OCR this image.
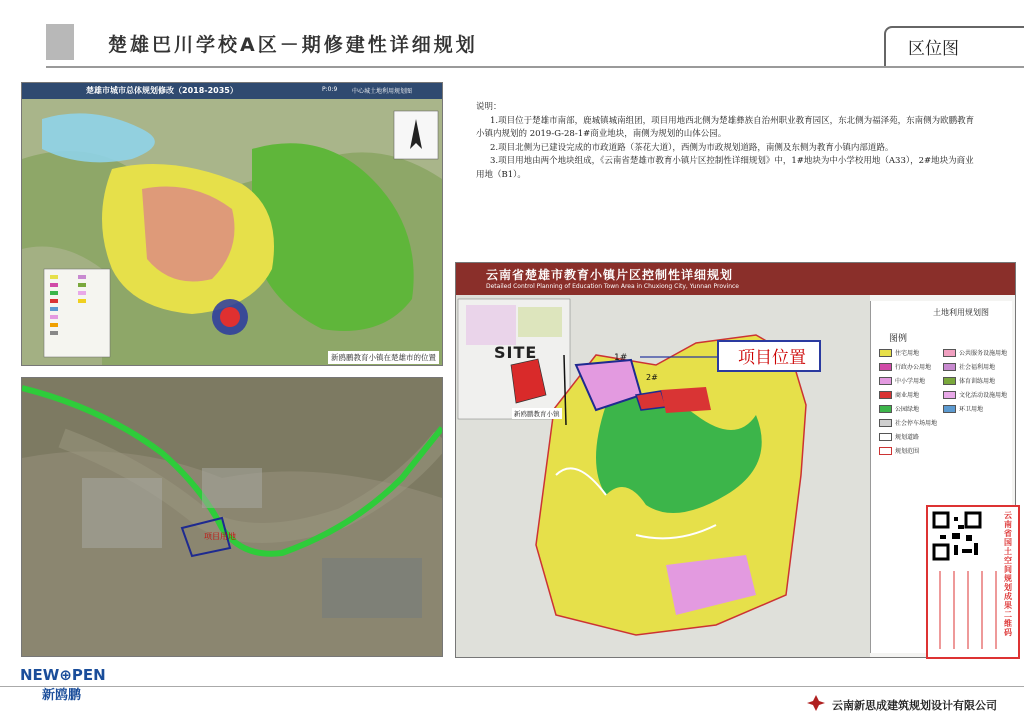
楚雄巴川学校A区－期修建性详细规划	区位图
楚雄市城市总体规划修改（2018-2035）	P:0:9 中心城土地利用规划图
新鸥鹏教育小镇在楚雄市的位置
项目用地

说明：

1.项目位于楚雄市南部，鹿城镇城南组团，项目用地西北侧为楚雄彝族自治州职业教育园区，东北侧为福泽苑，东南侧为欧鹏教育小镇内规划的 2019-G-28-1#商业地块，南侧为规划的山体公园。

2.项目北侧为已建设完成的市政道路（茶花大道），西侧为市政规划道路，南侧及东侧为教育小镇内部道路。

3.项目用地由两个地块组成，《云南省楚雄市教育小镇片区控制性详细规划》中，1#地块为中小学校用地（A33），2#地块为商业用地（B1）。

云南省楚雄市教育小镇片区控制性详细规划
Detailed Control Planning of Education Town Area in Chuxiong City, Yunnan Province
SITE
新鸥鹏教育小镇
1#
2#
土地利用规划图
图例
住宅用地
行政办公用地
中小学用地
商业用地
公园绿地
社会停车场用地
规划道路
规划范围
公共服务设施用地
社会福利用地
体育训练用地
文化活动设施用地
环卫用地
项目位置
云南省国土空间规划成果二维码
NEW⊕PEN
新鸥鹏
云南新思成建筑规划设计有限公司
